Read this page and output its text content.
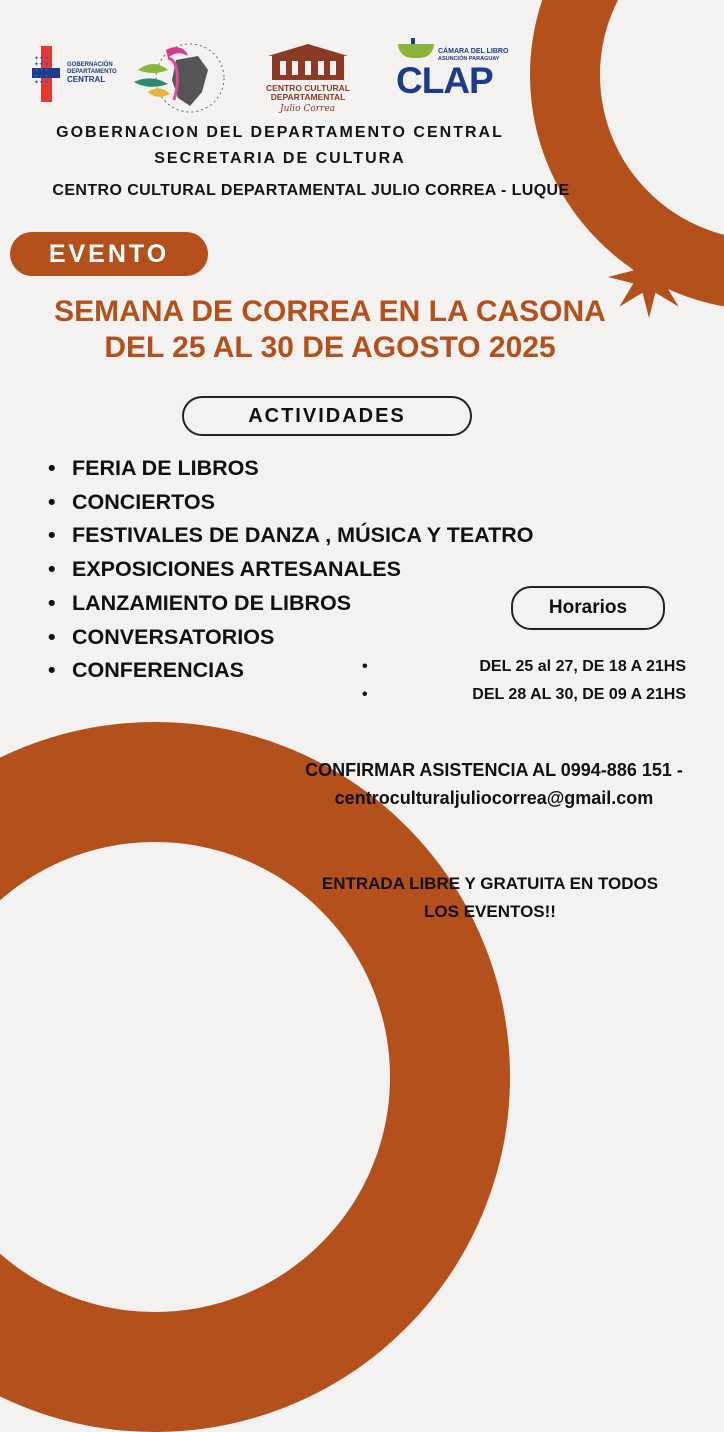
✦✦✦
✦✦✦
✦✦✦
✦✦✦
✦✦✦
GOBERNACIÓN
DEPARTAMENTO
CENTRAL
CENTRO CULTURAL
DEPARTAMENTAL
Julio Correa
CÁMARA DEL LIBRO
ASUNCIÓN PARAGUAY
CLAP
GOBERNACION DEL DEPARTAMENTO CENTRAL
SECRETARIA DE CULTURA
CENTRO CULTURAL DEPARTAMENTAL JULIO CORREA - LUQUE
EVENTO
SEMANA DE CORREA EN LA CASONA
DEL 25 AL 30 DE AGOSTO 2025
ACTIVIDADES
• FERIA DE LIBROS
• CONCIERTOS
• FESTIVALES DE DANZA , MÚSICA Y TEATRO
• EXPOSICIONES ARTESANALES
• LANZAMIENTO DE LIBROS
• CONVERSATORIOS
• CONFERENCIAS
Horarios
•	DEL 25 al 27, DE 18 A 21HS
•	DEL 28 AL 30, DE 09 A 21HS
CONFIRMAR ASISTENCIA AL 0994-886 151 -
centroculturaljuliocorrea@gmail.com
ENTRADA LIBRE Y GRATUITA EN TODOS
LOS EVENTOS!!
